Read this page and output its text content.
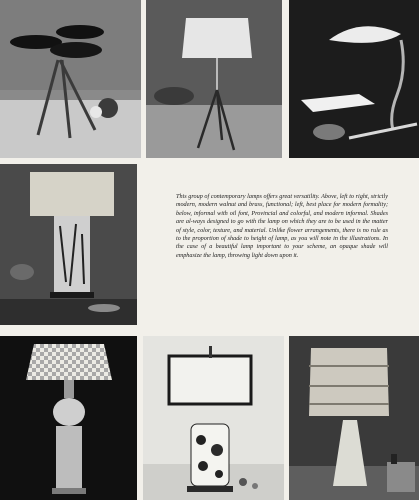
This group of contemporary lamps offers great versatility. Above, left to right, strictly modern, modern walnut and brass, functional; left, best place for modern formality; below, informal with oil font, Provincial and colorful, and modern informal. Shades are al-ways designed to go with the lamp on which they are to be used in the matter of style, color, texture, and material. Unlike flower arrangements, there is no rule as to the proportion of shade to height of lamp, as you will note in the illustrations. In the case of a beautiful lamp important to your scheme, an opaque shade will emphasize the lamp, throwing light down upon it.
